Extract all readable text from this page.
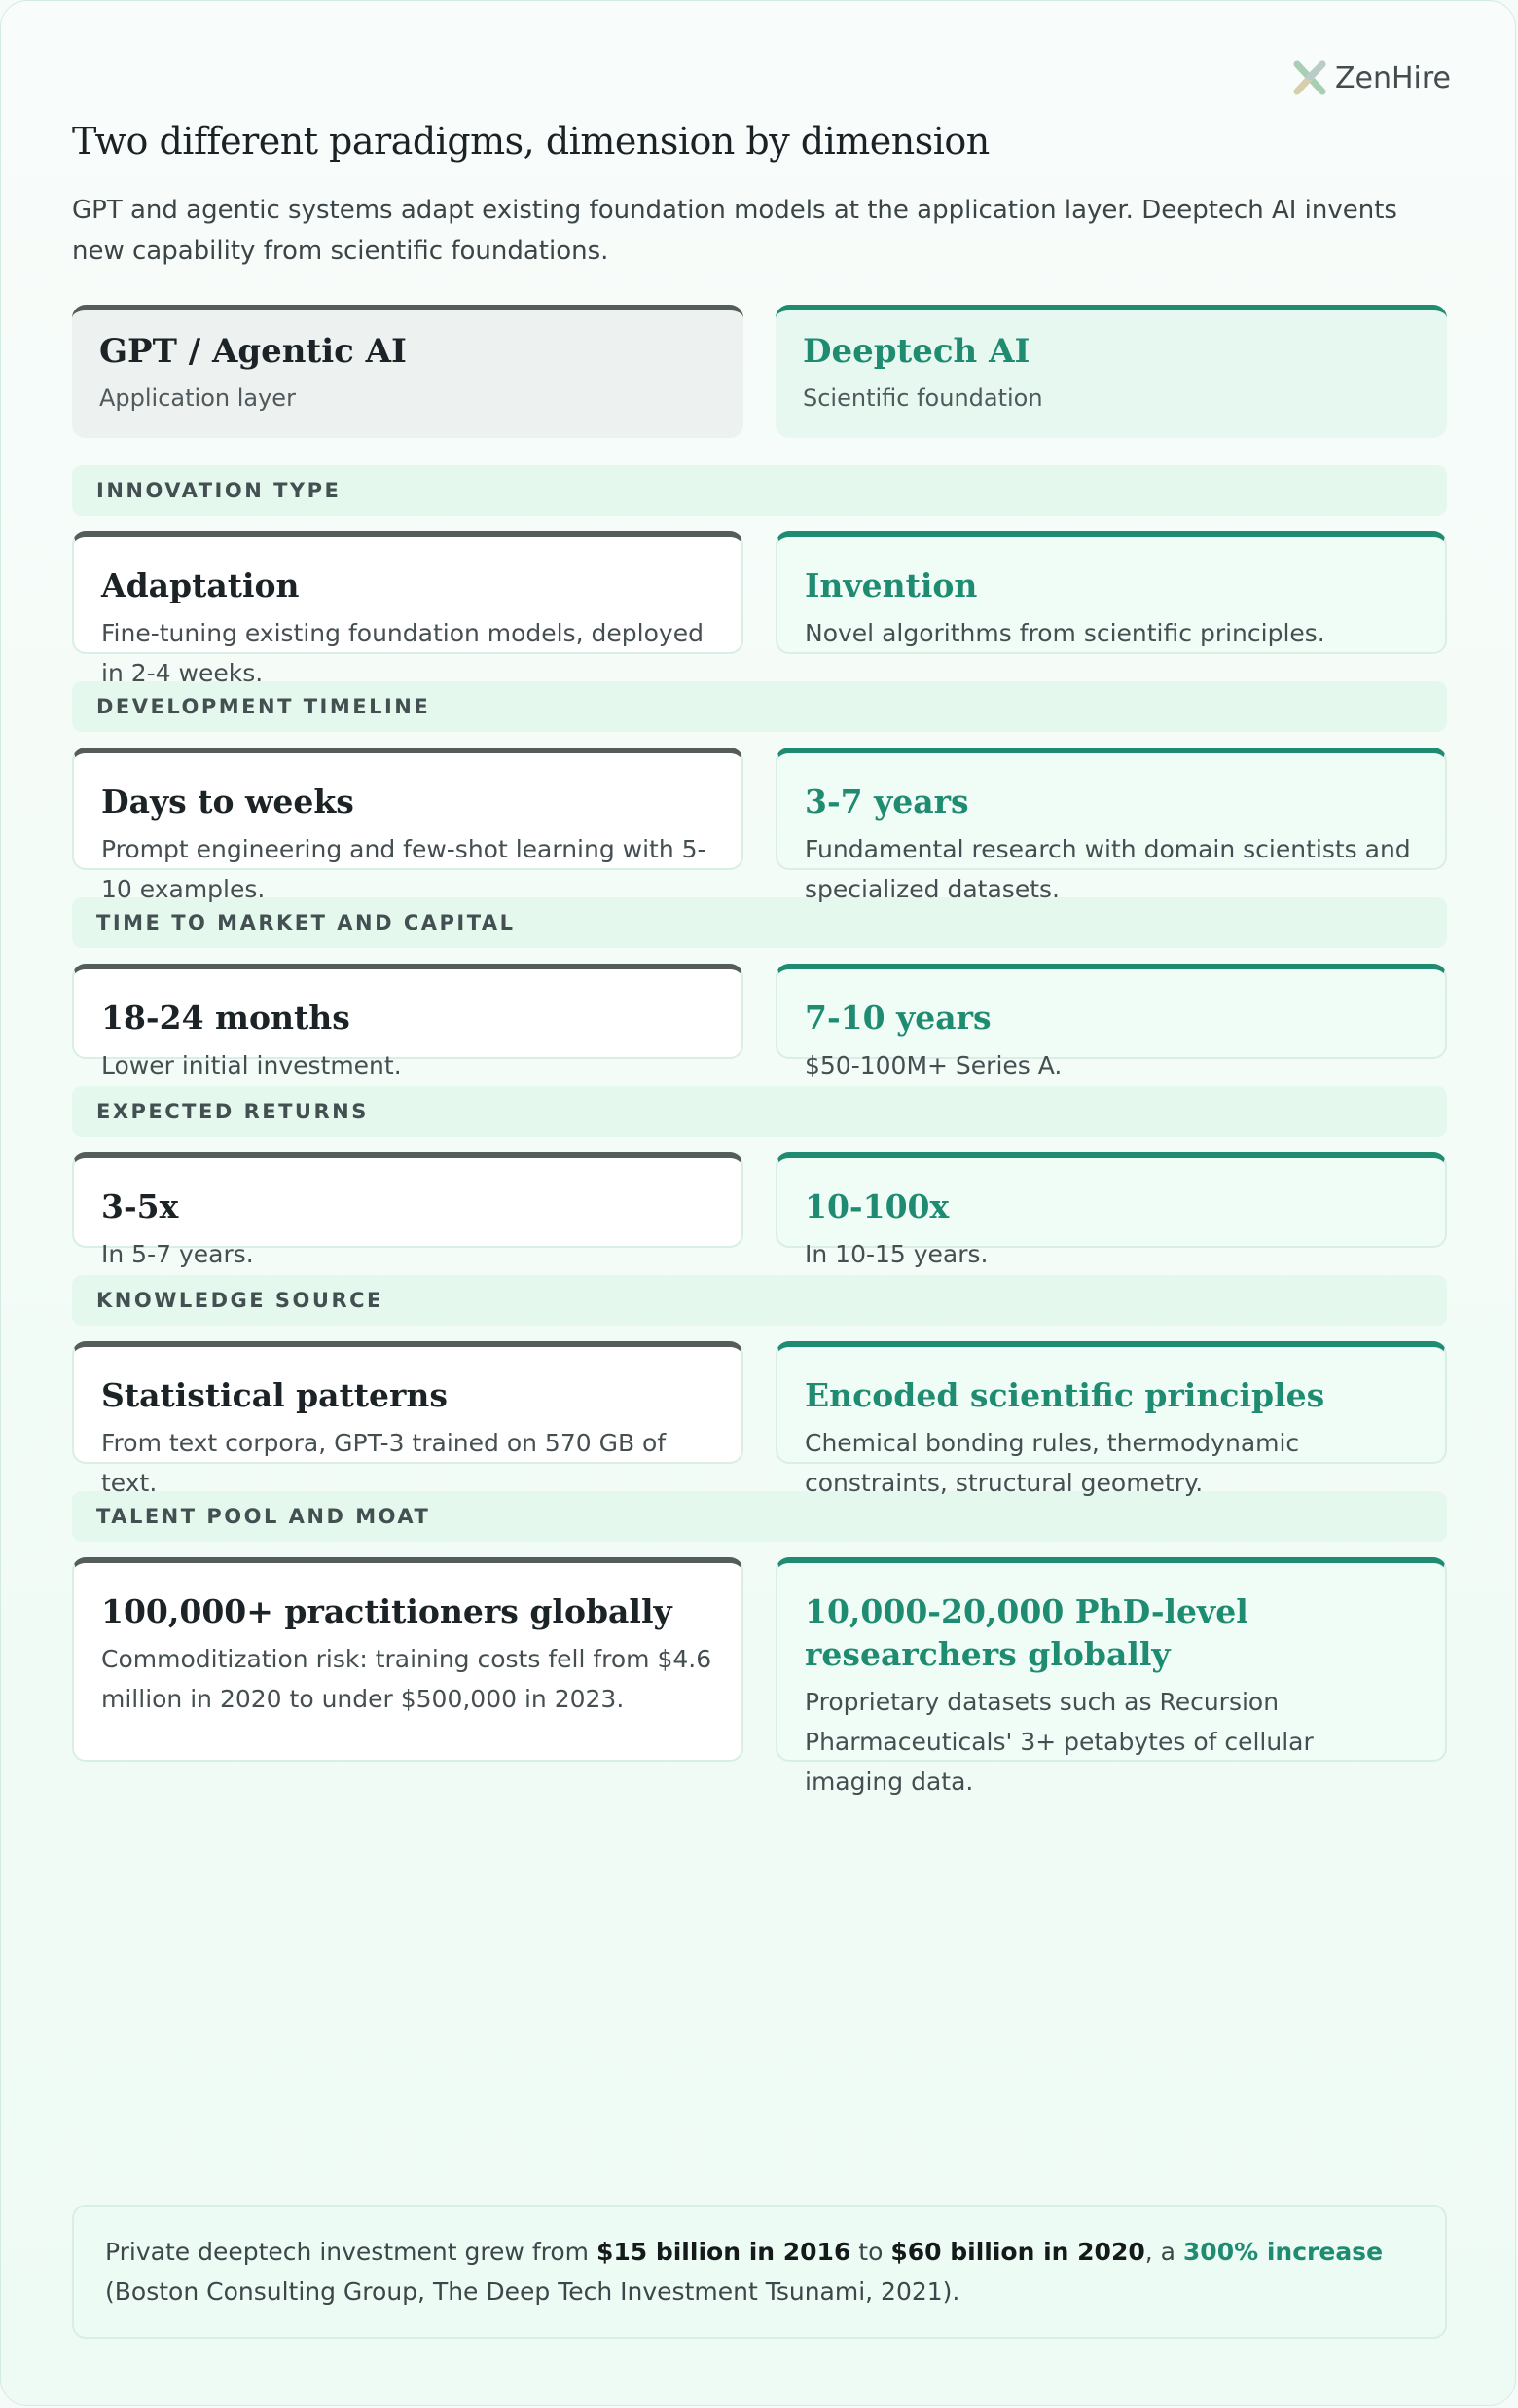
ZenHire
Two different paradigms, dimension by dimension

GPT and agentic systems adapt existing foundation models at the application layer. Deeptech AI invents new capability from scientific foundations.

GPT / Agentic AI
Application layer
Deeptech AI
Scientific foundation
INNOVATION TYPE
Adaptation
Fine-tuning existing foundation models, deployed in 2-4 weeks.
Invention
Novel algorithms from scientific principles.
DEVELOPMENT TIMELINE
Days to weeks
Prompt engineering and few-shot learning with 5-10 examples.
3-7 years
Fundamental research with domain scientists and specialized datasets.
TIME TO MARKET AND CAPITAL
18-24 months
Lower initial investment.
7-10 years
$50-100M+ Series A.
EXPECTED RETURNS
3-5x
In 5-7 years.
10-100x
In 10-15 years.
KNOWLEDGE SOURCE
Statistical patterns
From text corpora, GPT-3 trained on 570 GB of text.
Encoded scientific principles
Chemical bonding rules, thermodynamic constraints, structural geometry.
TALENT POOL AND MOAT
100,000+ practitioners globally
Commoditization risk: training costs fell from $4.6 million in 2020 to under $500,000 in 2023.
10,000-20,000 PhD-level researchers globally
Proprietary datasets such as Recursion Pharmaceuticals' 3+ petabytes of cellular imaging data.
Private deeptech investment grew from $15 billion in 2016 to $60 billion in 2020, a 300% increase (Boston Consulting Group, The Deep Tech Investment Tsunami, 2021).
